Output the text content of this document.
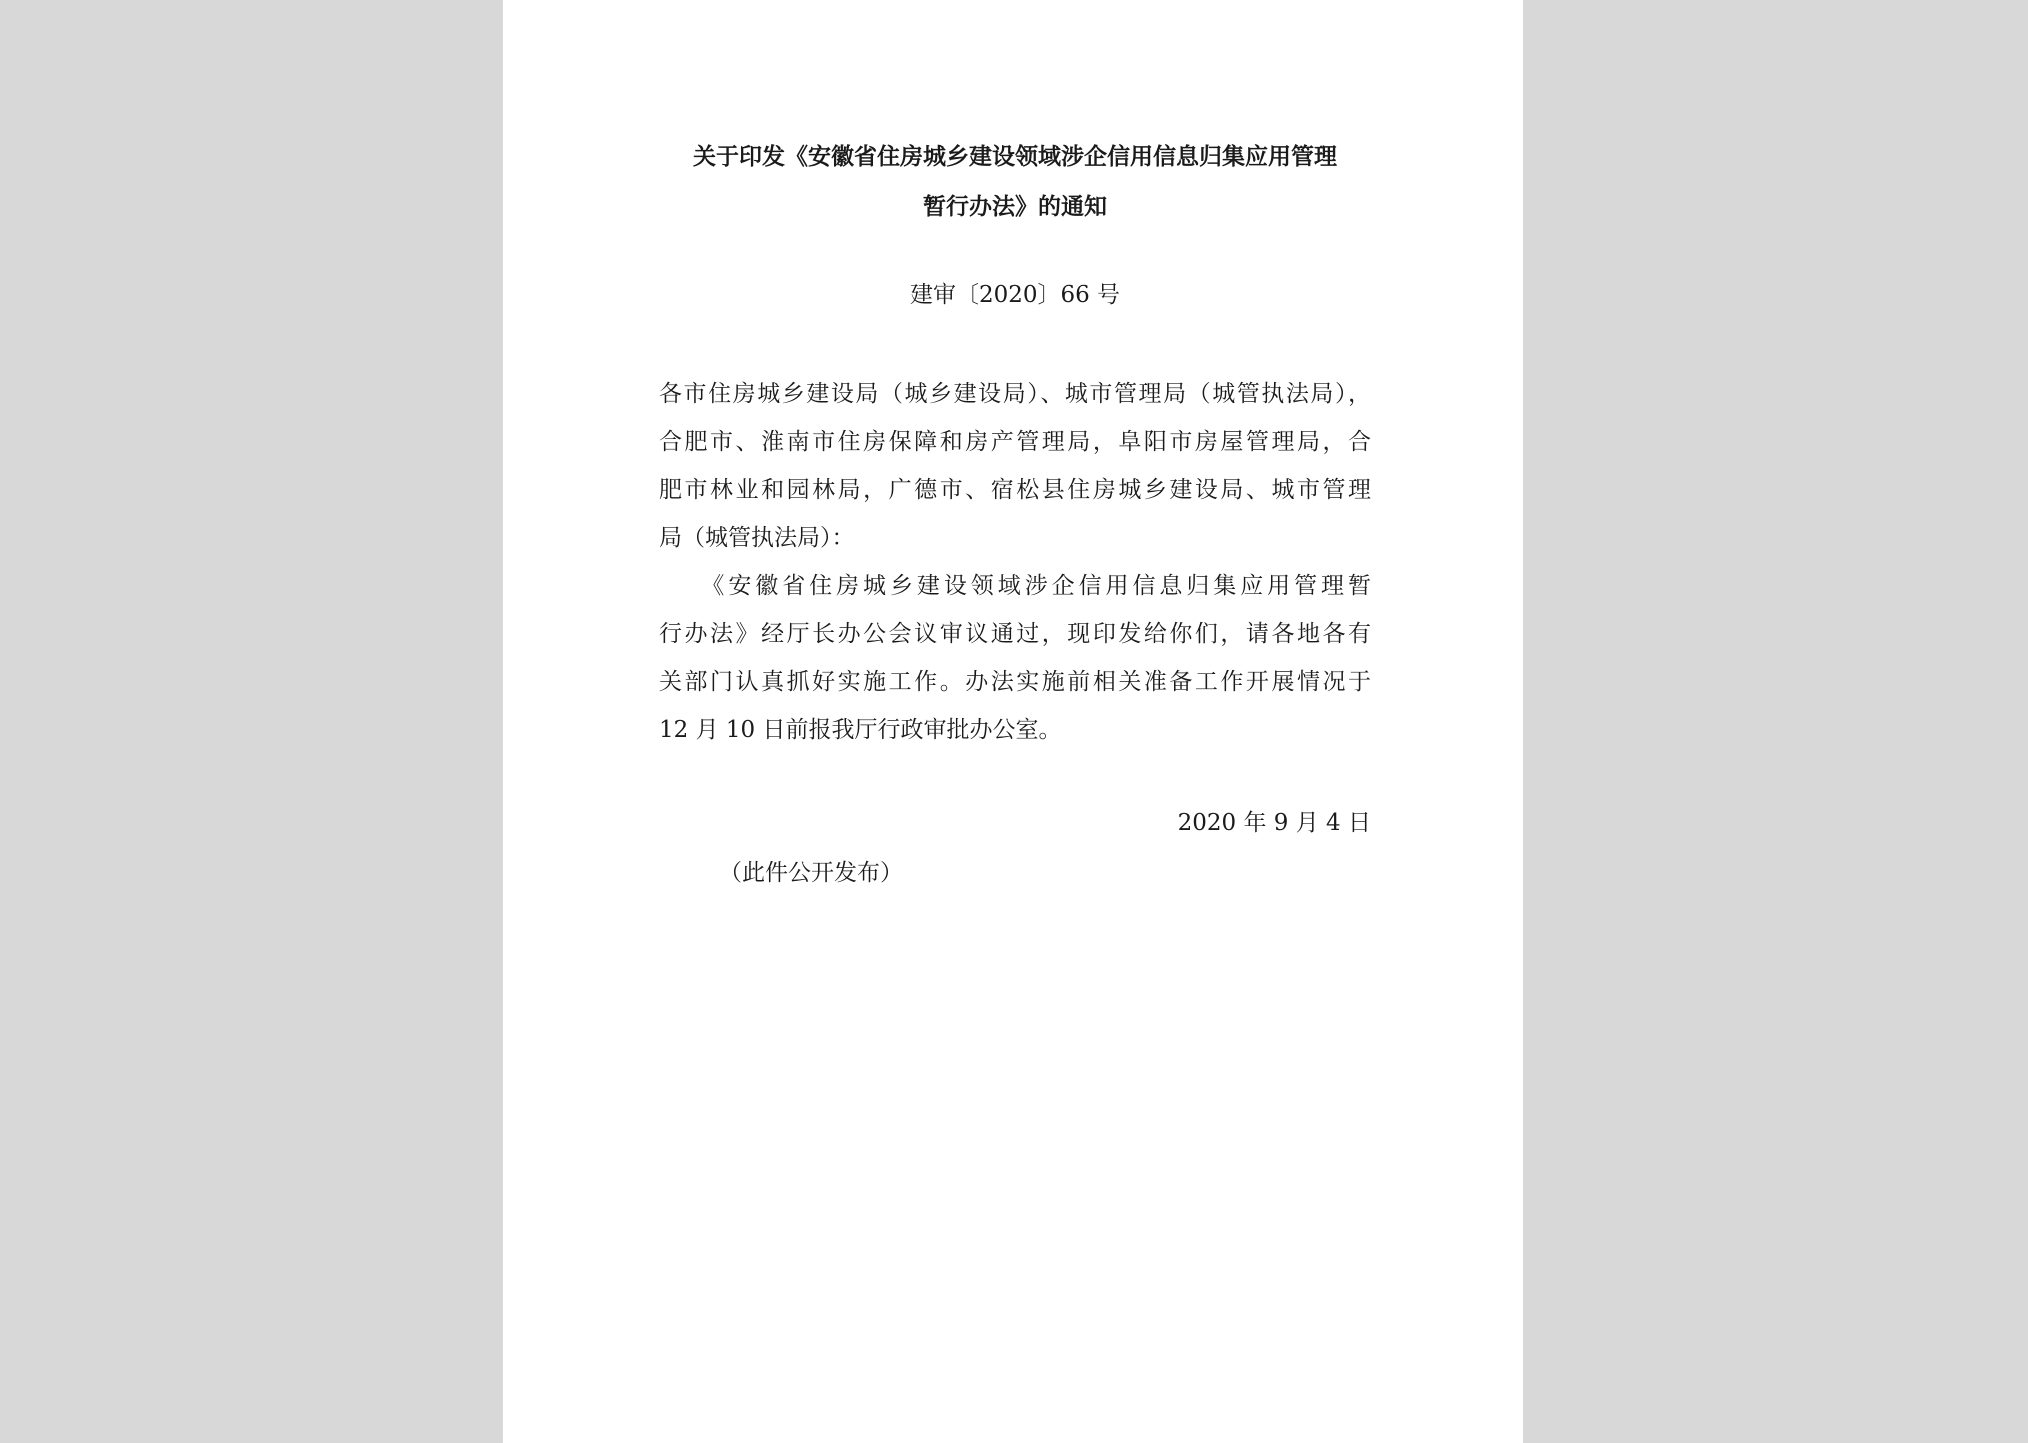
关于印发《安徽省住房城乡建设领域涉企信用信息归集应用管理
暂行办法》的通知
建审〔2020〕66 号
各市住房城乡建设局（城乡建设局）、城市管理局（城管执法局），
合肥市、淮南市住房保障和房产管理局，阜阳市房屋管理局，合
肥市林业和园林局，广德市、宿松县住房城乡建设局、城市管理
局（城管执法局）：
　　《安徽省住房城乡建设领域涉企信用信息归集应用管理暂
行办法》经厅长办公会议审议通过，现印发给你们，请各地各有
关部门认真抓好实施工作。办法实施前相关准备工作开展情况于
12 月 10 日前报我厅行政审批办公室。
2020 年 9 月 4 日
（此件公开发布）
